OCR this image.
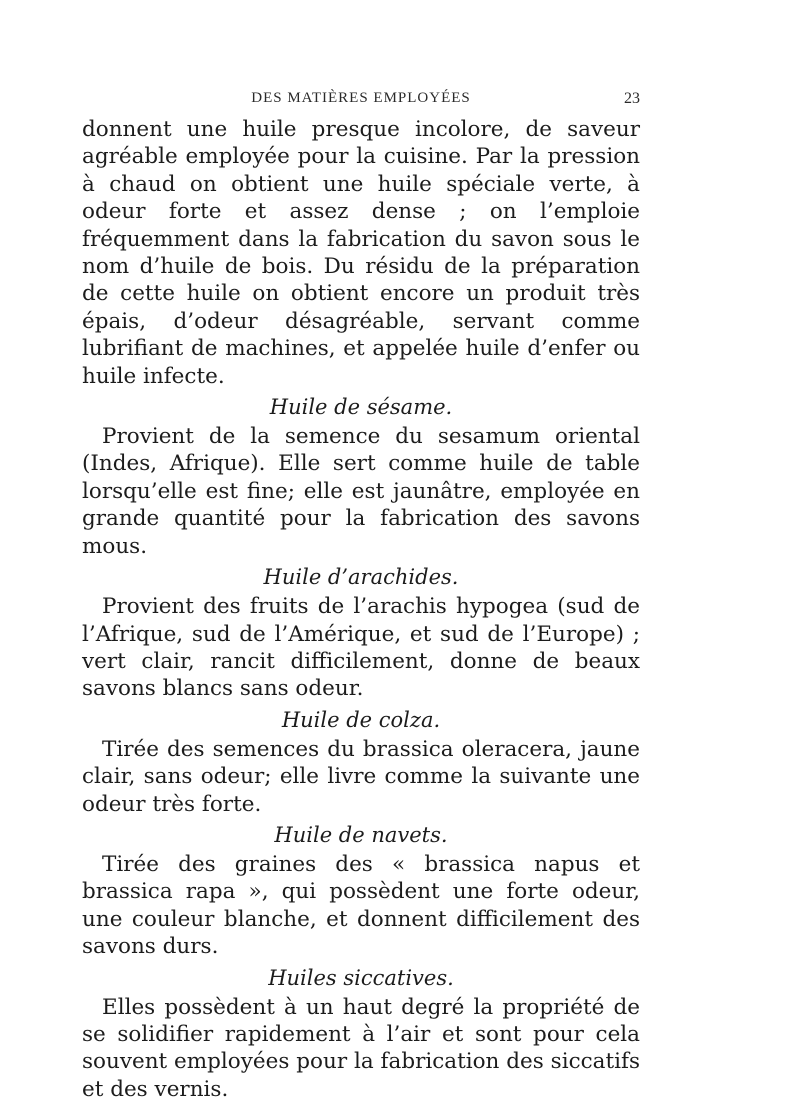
DES MATIÈRES EMPLOYÉES	23

donnent une huile presque incolore, de saveur agréable employée pour la cuisine. Par la pression à chaud on obtient une huile spéciale verte, à odeur forte et assez dense ; on l’emploie fréquemment dans la fabrication du savon sous le nom d’huile de bois. Du résidu de la préparation de cette huile on obtient encore un produit très épais, d’odeur désagréable, servant comme lubrifiant de machines, et appelée huile d’enfer ou huile infecte.

Huile de sésame.

Provient de la semence du sesamum oriental (Indes, Afrique). Elle sert comme huile de table lorsqu’elle est fine; elle est jaunâtre, employée en grande quantité pour la fabrication des savons mous.

Huile d’arachides.

Provient des fruits de l’arachis hypogea (sud de l’Afrique, sud de l’Amérique, et sud de l’Europe) ; vert clair, rancit difficilement, donne de beaux savons blancs sans odeur.

Huile de colza.

Tirée des semences du brassica oleracera, jaune clair, sans odeur; elle livre comme la suivante une odeur très forte.

Huile de navets.

Tirée des graines des « brassica napus et brassica rapa », qui possèdent une forte odeur, une couleur blanche, et donnent difficilement des savons durs.

Huiles siccatives.

Elles possèdent à un haut degré la propriété de se solidifier rapidement à l’air et sont pour cela souvent employées pour la fabrication des siccatifs et des vernis.
